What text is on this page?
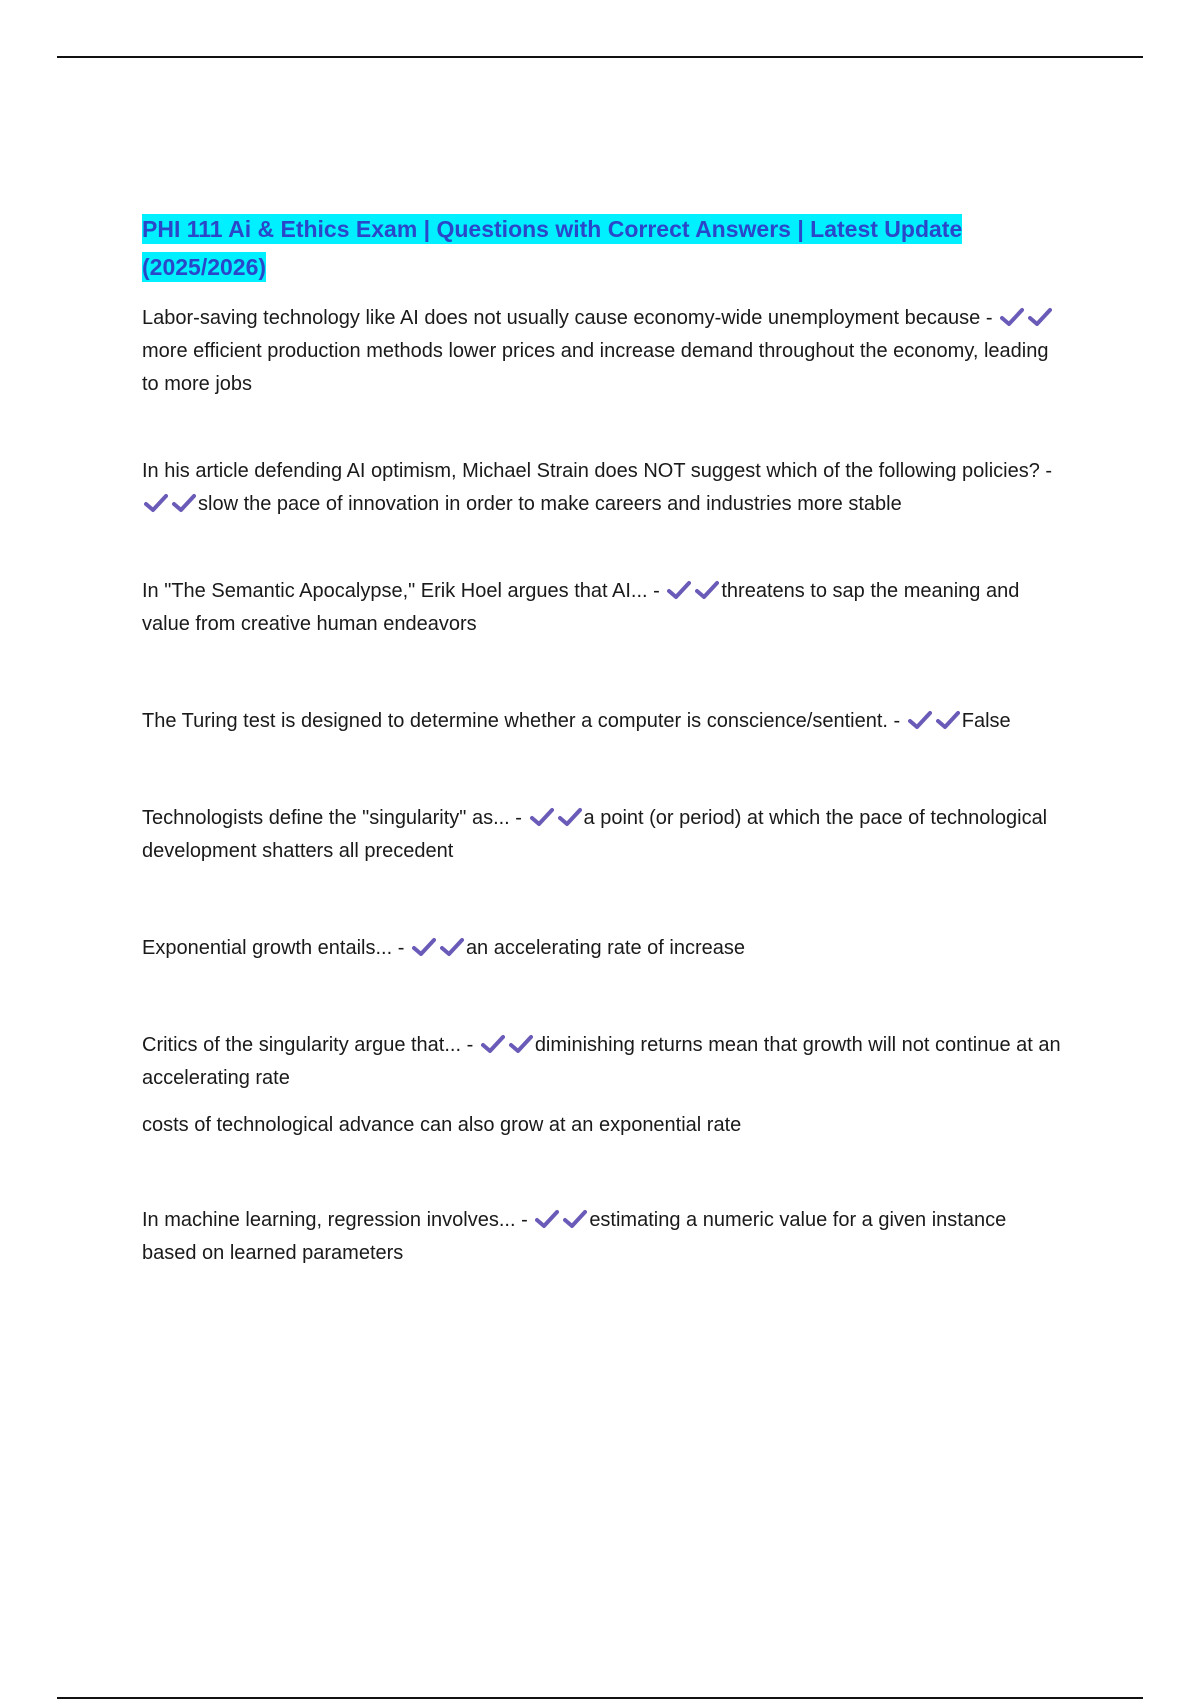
PHI 111 Ai & Ethics Exam | Questions with Correct Answers | Latest Update
(2025/2026)

Labor-saving technology like AI does not usually cause economy-wide unemployment because -
more efficient production methods lower prices and increase demand throughout the economy, leading to more jobs

In his article defending AI optimism, Michael Strain does NOT suggest which of the following policies? -
slow the pace of innovation in order to make careers and industries more stable

In "The Semantic Apocalypse," Erik Hoel argues that AI... -	threatens to sap the meaning and value from creative human endeavors

The Turing test is designed to determine whether a computer is conscience/sentient. -	False

Technologists define the "singularity" as... -	a point (or period) at which the pace of technological development shatters all precedent

Exponential growth entails... -	an accelerating rate of increase

Critics of the singularity argue that... -	diminishing returns mean that growth will not continue at an accelerating rate

costs of technological advance can also grow at an exponential rate

In machine learning, regression involves... -	estimating a numeric value for a given instance based on learned parameters
